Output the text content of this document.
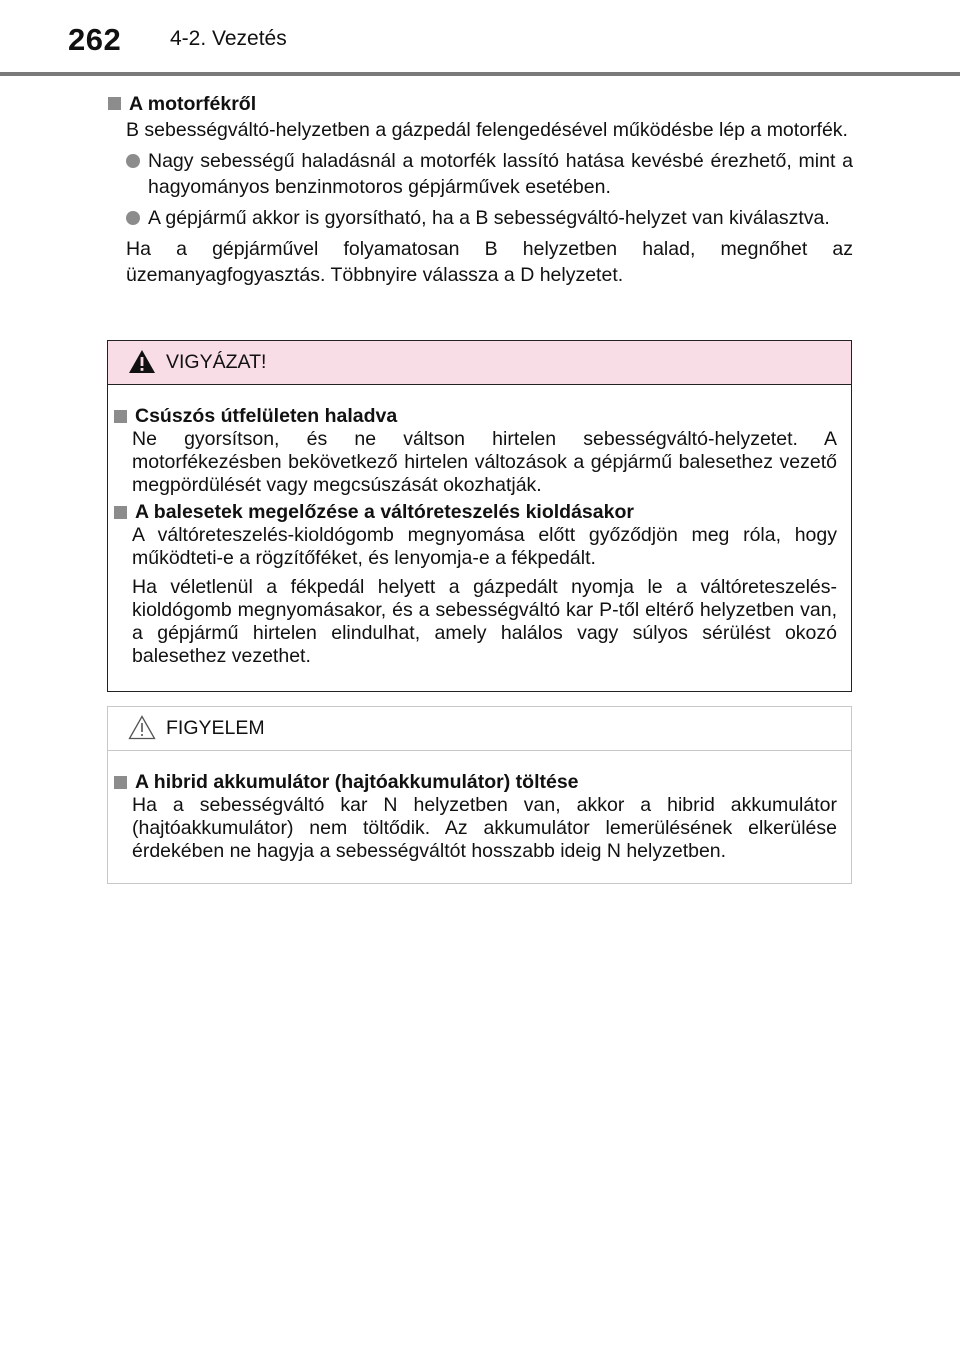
262 4-2. Vezetés
A motorfékről
B sebességváltó-helyzetben a gázpedál felengedésével működésbe lép a motorfék.
Nagy sebességű haladásnál a motorfék lassító hatása kevésbé érezhető, mint a hagyományos benzinmotoros gépjárművek esetében.
A gépjármű akkor is gyorsítható, ha a B sebességváltó-helyzet van kiválasztva.
Ha a gépjárművel folyamatosan B helyzetben halad, megnőhet az üzemanyagfogyasztás. Többnyire válassza a D helyzetet.
VIGYÁZAT!
Csúszós útfelületen haladva
Ne gyorsítson, és ne váltson hirtelen sebességváltó-helyzetet. A motorfékezésben bekövetkező hirtelen változások a gépjármű balesethez vezető megpördülését vagy megcsúszását okozhatják.
A balesetek megelőzése a váltóreteszelés kioldásakor
A váltóreteszelés-kioldógomb megnyomása előtt győződjön meg róla, hogy működteti-e a rögzítőféket, és lenyomja-e a fékpedált.
Ha véletlenül a fékpedál helyett a gázpedált nyomja le a váltóreteszelés-kioldógomb megnyomásakor, és a sebességváltó kar P-től eltérő helyzetben van, a gépjármű hirtelen elindulhat, amely halálos vagy súlyos sérülést okozó balesethez vezethet.
FIGYELEM
A hibrid akkumulátor (hajtóakkumulátor) töltése
Ha a sebességváltó kar N helyzetben van, akkor a hibrid akkumulátor (hajtóakkumulátor) nem töltődik. Az akkumulátor lemerülésének elkerülése érdekében ne hagyja a sebességváltót hosszabb ideig N helyzetben.
